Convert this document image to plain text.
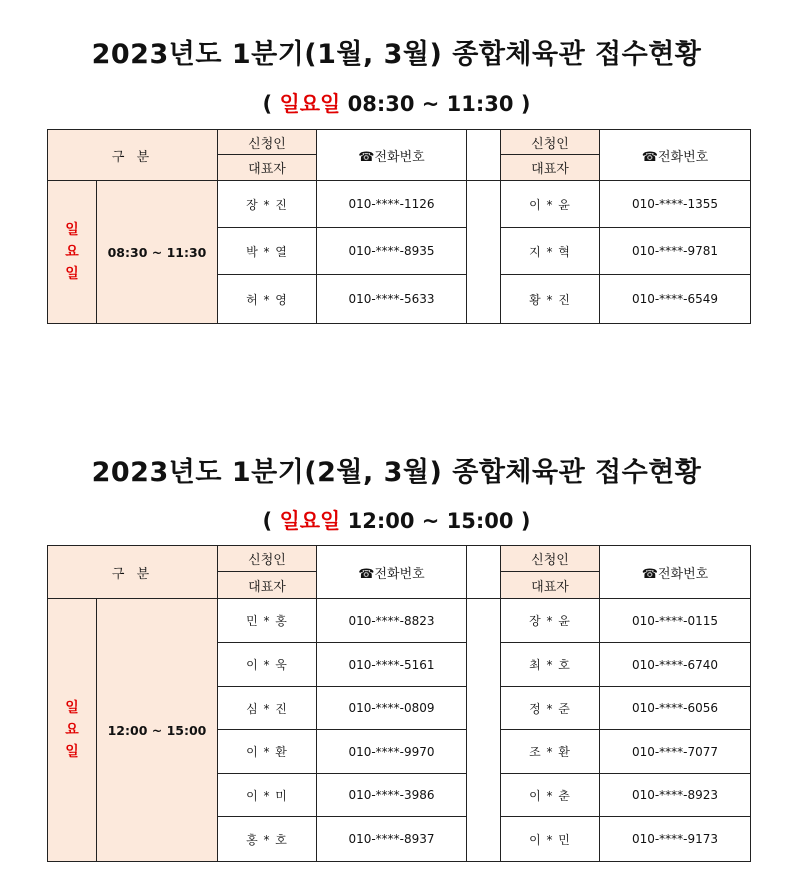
2023년도 1분기(1월, 3월) 종합체육관 접수현황
( 일요일 08:30 ~ 11:30 )
구 분		신청인	☎전화번호		신청인	☎전화번호
		대표자			대표자	

일
요
일	08:30 ~ 11:30	장 * 진	010-****-1126		이 * 윤	010-****-1355
		박 * 열	010-****-8935		지 * 혁	010-****-9781
		허 * 영	010-****-5633		황 * 진	010-****-6549
2023년도 1분기(2월, 3월) 종합체육관 접수현황
( 일요일 12:00 ~ 15:00 )
구 분		신청인	☎전화번호		신청인	☎전화번호
		대표자			대표자	

일
요
일	12:00 ~ 15:00	민 * 홍	010-****-8823		장 * 윤	010-****-0115
		이 * 욱	010-****-5161		최 * 호	010-****-6740
		심 * 진	010-****-0809		정 * 준	010-****-6056
		이 * 환	010-****-9970		조 * 환	010-****-7077
		이 * 미	010-****-3986		이 * 춘	010-****-8923
		홍 * 호	010-****-8937		이 * 민	010-****-9173
